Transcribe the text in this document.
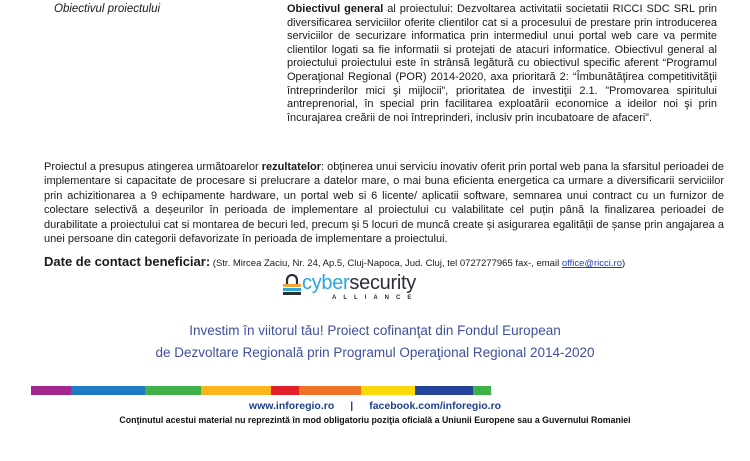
Obiectivul proiectului	Obiectivul general al proiectului: Dezvoltarea activitatii societatii RICCI SDC SRL prin diversificarea serviciilor oferite clientilor cat si a procesului de prestare prin introducerea serviciilor de securizare informatica prin intermediul unui portal web care va permite clientilor logati sa fie informatii si protejati de atacuri informatice. Obiectivul general al proiectului proiectului este în strânsă legătură cu obiectivul specific aferent “Programul Operaţional Regional (POR) 2014-2020, axa prioritară 2: “Îmbunătăţirea competitivităţii întreprinderilor mici şi mijlocii”, prioritatea de investiţii 2.1. ”Promovarea spiritului antreprenorial, în special prin facilitarea exploatării economice a ideilor noi şi prin încurajarea creării de noi întreprinderi, inclusiv prin incubatoare de afaceri”.
Proiectul a presupus atingerea următoarelor rezultatelor: obținerea unui serviciu inovativ oferit prin portal web pana la sfarsitul perioadei de implementare si capacitate de procesare si prelucrare a datelor mare, o mai buna eficienta energetica ca urmare a diversificarii serviciilor prin achizitionarea a 9 echipamente hardware, un portal web si 6 licente/ aplicatii software, semnarea unui contract cu un furnizor de colectare selectivă a deșeurilor în perioada de implementare al proiectului cu valabilitate cel puțin până la finalizarea perioadei de durabilitate a proiectului cat si montarea de becuri led, precum și 5 locuri de muncă create și asigurarea egalității de șanse prin angajarea a unei persoane din categorii defavorizate în perioada de implementare a proiectului.
Date de contact beneficiar: (Str. Mircea Zaciu, Nr. 24, Ap.5, Cluj-Napoca, Jud. Cluj, tel 0727277965 fax-, email office@ricci.ro)
cybersecurity
ALLIANCE
Investim în viitorul tău! Proiect cofinanţat din Fondul European
de Dezvoltare Regională prin Programul Operaţional Regional 2014-2020
www.inforegio.ro | facebook.com/inforegio.ro
Conţinutul acestui material nu reprezintă în mod obligatoriu poziţia oficială a Uniunii Europene sau a Guvernului Romaniei
